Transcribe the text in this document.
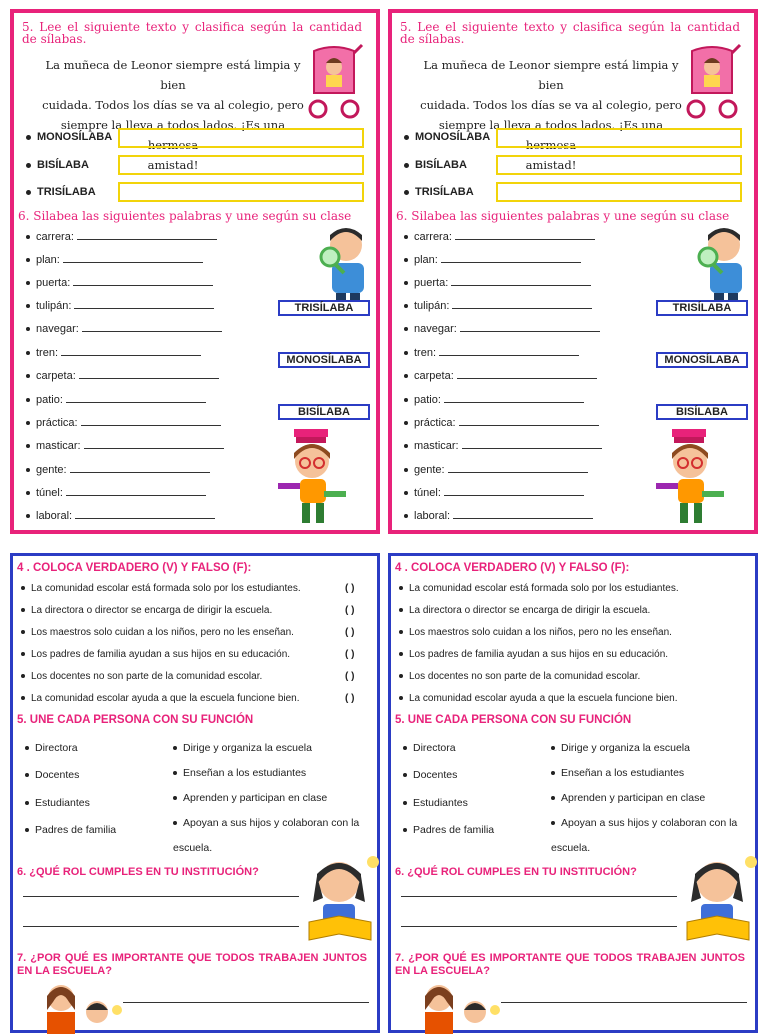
5. Lee el siguiente texto y clasifica según la cantidad de sílabas.
La muñeca de Leonor siempre está limpia y bien
cuidada. Todos los días se va al colegio, pero
siempre la lleva a todos lados. ¡Es una hermosa
amistad!
MONOSÍLABA
BISÍLABA
TRISÍLABA
6. Silabea las siguientes palabras y une según su clase
carrera:
plan:
puerta:
tulipán:
navegar:
tren:
carpeta:
patio:
práctica:
masticar:
gente:
túnel:
laboral:
TRISÍLABA
MONOSÍLABA
BISÍLABA
5. Lee el siguiente texto y clasifica según la cantidad de sílabas.
La muñeca de Leonor siempre está limpia y bien
cuidada. Todos los días se va al colegio, pero
siempre la lleva a todos lados. ¡Es una hermosa
amistad!
MONOSÍLABA
BISÍLABA
TRISÍLABA
6. Silabea las siguientes palabras y une según su clase
carrera:
plan:
puerta:
tulipán:
navegar:
tren:
carpeta:
patio:
práctica:
masticar:
gente:
túnel:
laboral:
TRISÍLABA
MONOSÍLABA
BISÍLABA
4 . COLOCA VERDADERO (V) Y FALSO (F):
La comunidad escolar está formada solo por los estudiantes.	( )
La directora o director se encarga de dirigir la escuela.	( )
Los maestros solo cuidan a los niños, pero no les enseñan.	( )
Los padres de familia ayudan a sus hijos en su educación.	( )
Los docentes no son parte de la comunidad escolar.	( )
La comunidad escolar ayuda a que la escuela funcione bien.	( )
5. UNE CADA PERSONA CON SU FUNCIÓN
Directora
Docentes
Estudiantes
Padres de familia
Dirige y organiza la escuela
Enseñan a los estudiantes
Aprenden y participan en clase
Apoyan a sus hijos y colaboran con la escuela.
6. ¿QUÉ ROL CUMPLES EN TU INSTITUCIÓN?
7. ¿POR QUÉ ES IMPORTANTE QUE TODOS TRABAJEN JUNTOS EN LA ESCUELA?
4 . COLOCA VERDADERO (V) Y FALSO (F):
La comunidad escolar está formada solo por los estudiantes.
La directora o director se encarga de dirigir la escuela.
Los maestros solo cuidan a los niños, pero no les enseñan.
Los padres de familia ayudan a sus hijos en su educación.
Los docentes no son parte de la comunidad escolar.
La comunidad escolar ayuda a que la escuela funcione bien.
5. UNE CADA PERSONA CON SU FUNCIÓN
Directora
Docentes
Estudiantes
Padres de familia
Dirige y organiza la escuela
Enseñan a los estudiantes
Aprenden y participan en clase
Apoyan a sus hijos y colaboran con la escuela.
6. ¿QUÉ ROL CUMPLES EN TU INSTITUCIÓN?
7. ¿POR QUÉ ES IMPORTANTE QUE TODOS TRABAJEN JUNTOS EN LA ESCUELA?
